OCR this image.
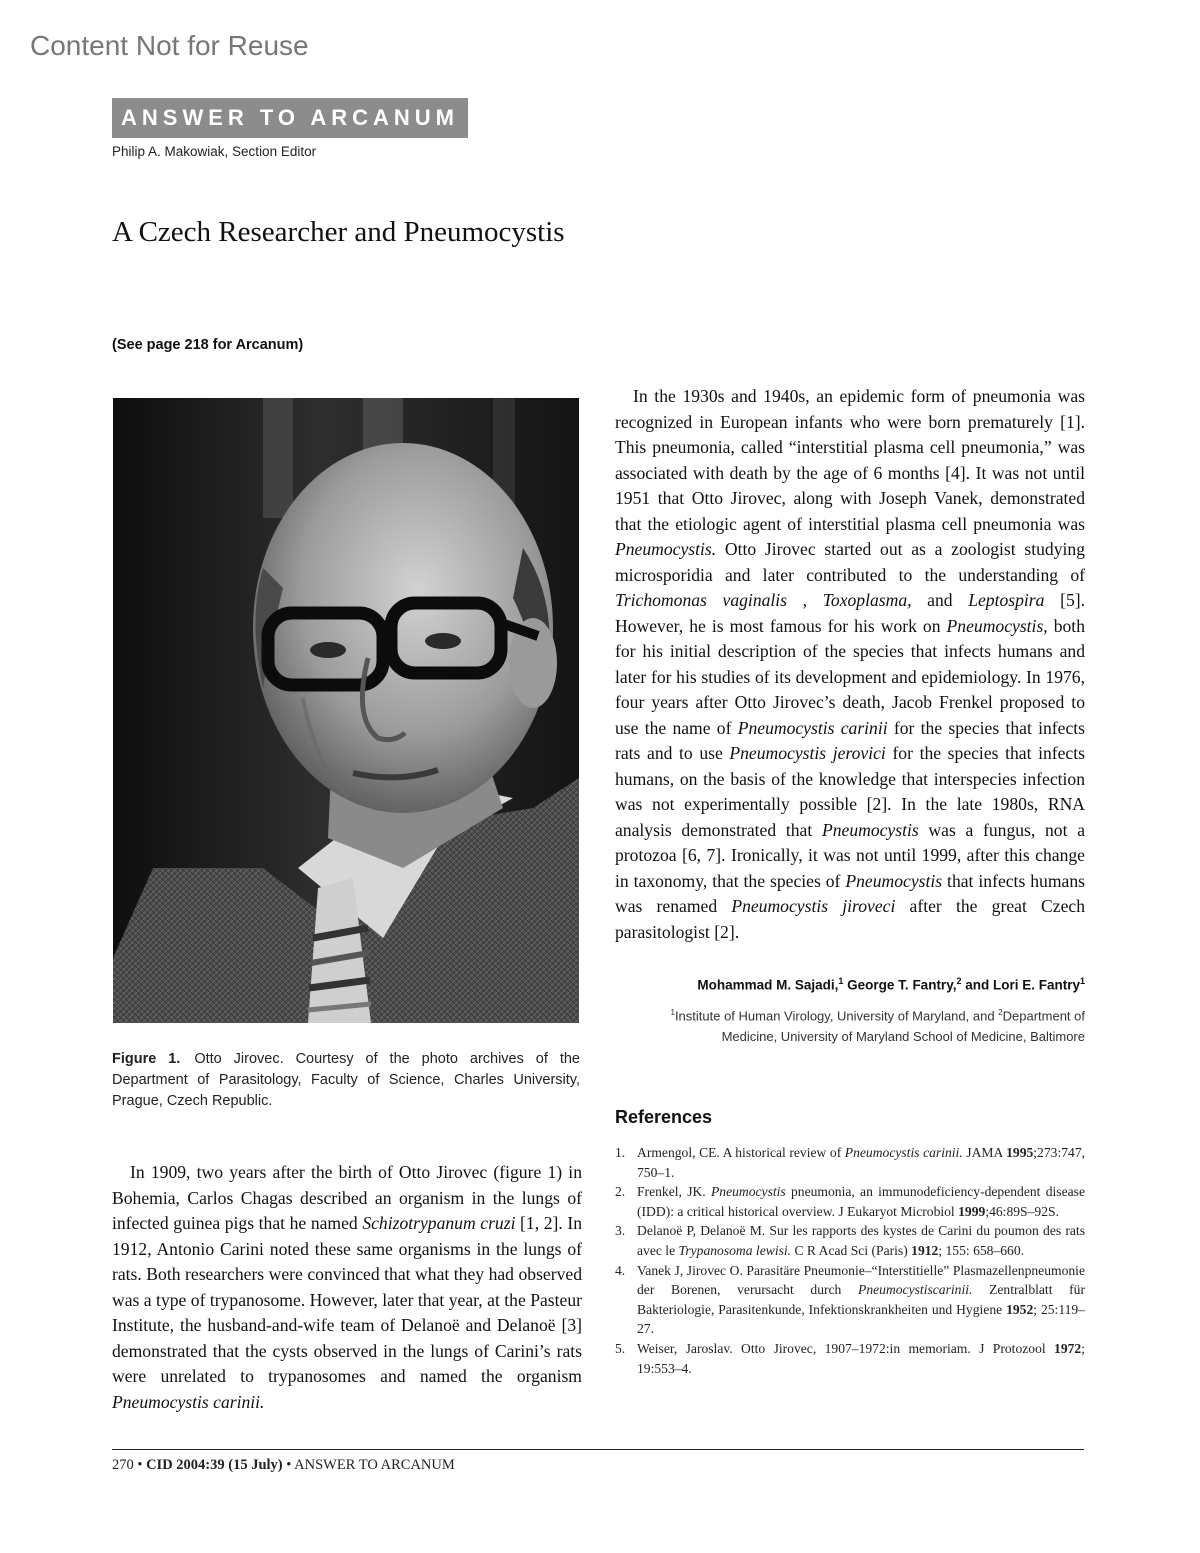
Content Not for Reuse
ANSWER TO ARCANUM
Philip A. Makowiak, Section Editor
A Czech Researcher and Pneumocystis
(See page 218 for Arcanum)

Figure 1. Otto Jirovec. Courtesy of the photo archives of the Department of Parasitology, Faculty of Science, Charles University, Prague, Czech Republic.

In 1909, two years after the birth of Otto Jirovec (figure 1) in Bohemia, Carlos Chagas described an organism in the lungs of infected guinea pigs that he named Schizotrypanum cruzi [1, 2]. In 1912, Antonio Carini noted these same organisms in the lungs of rats. Both researchers were convinced that what they had observed was a type of trypanosome. However, later that year, at the Pasteur Institute, the husband-and-wife team of Delanoë and Delanoë [3] demonstrated that the cysts observed in the lungs of Carini’s rats were unrelated to trypanosomes and named the organism Pneumocystis carinii.

In the 1930s and 1940s, an epidemic form of pneumonia was recognized in European infants who were born prematurely [1]. This pneumonia, called “interstitial plasma cell pneumonia,” was associated with death by the age of 6 months [4]. It was not until 1951 that Otto Jirovec, along with Joseph Vanek, demonstrated that the etiologic agent of interstitial plasma cell pneumonia was Pneumocystis. Otto Jirovec started out as a zoologist studying microsporidia and later contributed to the understanding of Trichomonas vaginalis , Toxoplasma, and Leptospira [5]. However, he is most famous for his work on Pneumocystis, both for his initial description of the species that infects humans and later for his studies of its development and epidemiology. In 1976, four years after Otto Jirovec’s death, Jacob Frenkel proposed to use the name of Pneumocystis carinii for the species that infects rats and to use Pneumocystis jerovici for the species that infects humans, on the basis of the knowledge that interspecies infection was not experimentally possible [2]. In the late 1980s, RNA analysis demonstrated that Pneumocystis was a fungus, not a protozoa [6, 7]. Ironically, it was not until 1999, after this change in taxonomy, that the species of Pneumocystis that infects humans was renamed Pneumocystis jiroveci after the great Czech parasitologist [2].

Mohammad M. Sajadi,$^1$ George T. Fantry,$^2$ and Lori E. Fantry$^1$

$^1$Institute of Human Virology, University of Maryland, and $^2$Department of Medicine, University of Maryland School of Medicine, Baltimore

References
1. Armengol, CE. A historical review of Pneumocystis carinii. JAMA 1995;273:747, 750–1.
2. Frenkel, JK. Pneumocystis pneumonia, an immunodeficiency-dependent disease (IDD): a critical historical overview. J Eukaryot Microbiol 1999;46:89S–92S.
3. Delanoë P, Delanoë M. Sur les rapports des kystes de Carini du poumon des rats avec le Trypanosoma lewisi. C R Acad Sci (Paris) 1912; 155: 658–660.
4. Vanek J, Jirovec O. Parasitäre Pneumonie–“Interstitielle” Plasmazellenpneumonie der Borenen, verursacht durch Pneumocystiscarinii. Zentralblatt für Bakteriologie, Parasitenkunde, Infektionskrankheiten und Hygiene 1952; 25:119–27.
5. Weiser, Jaroslav. Otto Jirovec, 1907–1972:in memoriam. J Protozool 1972; 19:553–4.
270 • CID 2004:39 (15 July) • ANSWER TO ARCANUM
